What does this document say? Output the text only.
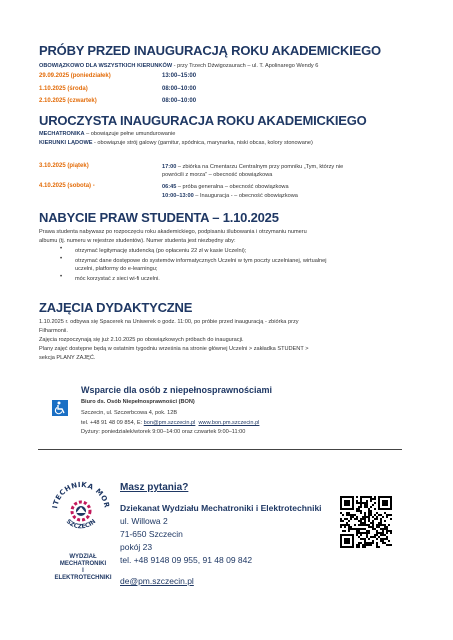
PRÓBY PRZED INAUGURACJĄ ROKU AKADEMICKIEGO
OBOWIĄZKOWO DLA WSZYSTKICH KIERUNKÓW - przy Trzech Dźwigozaurach – ul. T. Apolinarego Wendy 6
29.09.2025 (poniedziałek)	13:00–15:00
1.10.2025 (środa)	08:00–10:00
2.10.2025 (czwartek)	08:00–10:00
UROCZYSTA INAUGURACJA ROKU AKADEMICKIEGO
MECHATRONIKA – obowiązuje pełne umundurowanie
KIERUNKI LĄDOWE - obowiązuje strój galowy (garnitur, spódnica, marynarka, niski obcas, kolory stonowane)
3.10.2025 (piątek)	17:00 – zbiórka na Cmentarzu Centralnym przy pomniku „Tym, którzy nie
powrócili z morza” – obecność obowiązkowa
4.10.2025 (sobota) -	06:45 – próba generalna – obecność obowiązkowa
10:00–13:00 – Inauguracja - – obecność obowiązkowa
NABYCIE PRAW STUDENTA – 1.10.2025
Prawa studenta nabywasz po rozpoczęciu roku akademickiego, podpisaniu ślubowania i otrzymaniu numeru
albumu (tj. numeru w rejestrze studentów). Numer studenta jest niezbędny aby:
• otrzymać legitymację studencką (po opłaceniu 22 zł w kasie Uczelni);
• otrzymać dane dostępowe do systemów informatycznych Uczelni w tym poczty uczelnianej, wirtualnej
uczelni, platformy do e-learningu;
• móc korzystać z sieci wi-fi uczelni.
ZAJĘCIA DYDAKTYCZNE
1.10.2025 r. odbywa się Spacerek na Uniwerek o godz. 11:00, po próbie przed inauguracją - zbiórka przy
Filharmonii.
Zajęcia rozpoczynają się już 2.10.2025 po obowiązkowych próbach do inauguracji.
Plany zajęć dostępne będą w ostatnim tygodniu września na stronie głównej Uczelni > zakładka STUDENT >
sekcja PLANY ZAJĘĆ.
Wsparcie dla osób z niepełnosprawnościami
Biuro ds. Osób Niepełnosprawności (BON)
Szczecin, ul. Szczerbcowa 4, pok. 12B
tel. +48 91 48 09 854, E: bon@pm.szczecin.pl www.bon.pm.szczecin.pl
Dyżury: poniedziałek/wtorek 9:00–14:00 oraz czwartek 9:00–11:00
ITECHNIKA MOR
SZCZECIN
WYDZIAŁ
MECHATRONIKI
I ELEKTROTECHNIKI
Masz pytania?
Dziekanat Wydziału Mechatroniki i Elektrotechniki
ul. Willowa 2
71-650 Szczecin
pokój 23
tel. +48 9148 09 955, 91 48 09 842
de@pm.szczecin.pl
